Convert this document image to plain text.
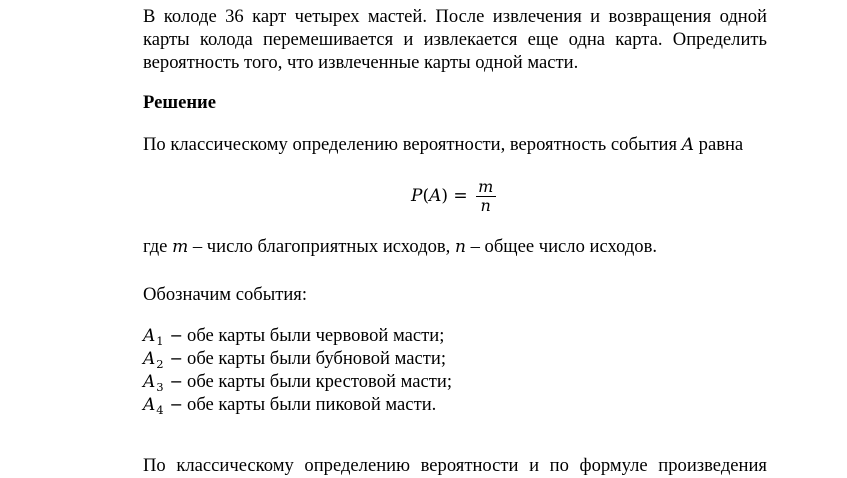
В колоде 36 карт четырех мастей. После извлечения и возвращения одной
карты колода перемешивается и извлекается еще одна карта. Определить
вероятность того, что извлеченные карты одной масти.
Решение
По классическому определению вероятности, вероятность события A равна
$P(A) = \frac{m}{n}$
где m – число благоприятных исходов, n – общее число исходов.
Обозначим события:
$A_1$ − обе карты были червовой масти;
$A_2$ − обе карты были бубновой масти;
$A_3$ − обе карты были крестовой масти;
$A_4$ − обе карты были пиковой масти.
По классическому определению вероятности и по формуле произведения
